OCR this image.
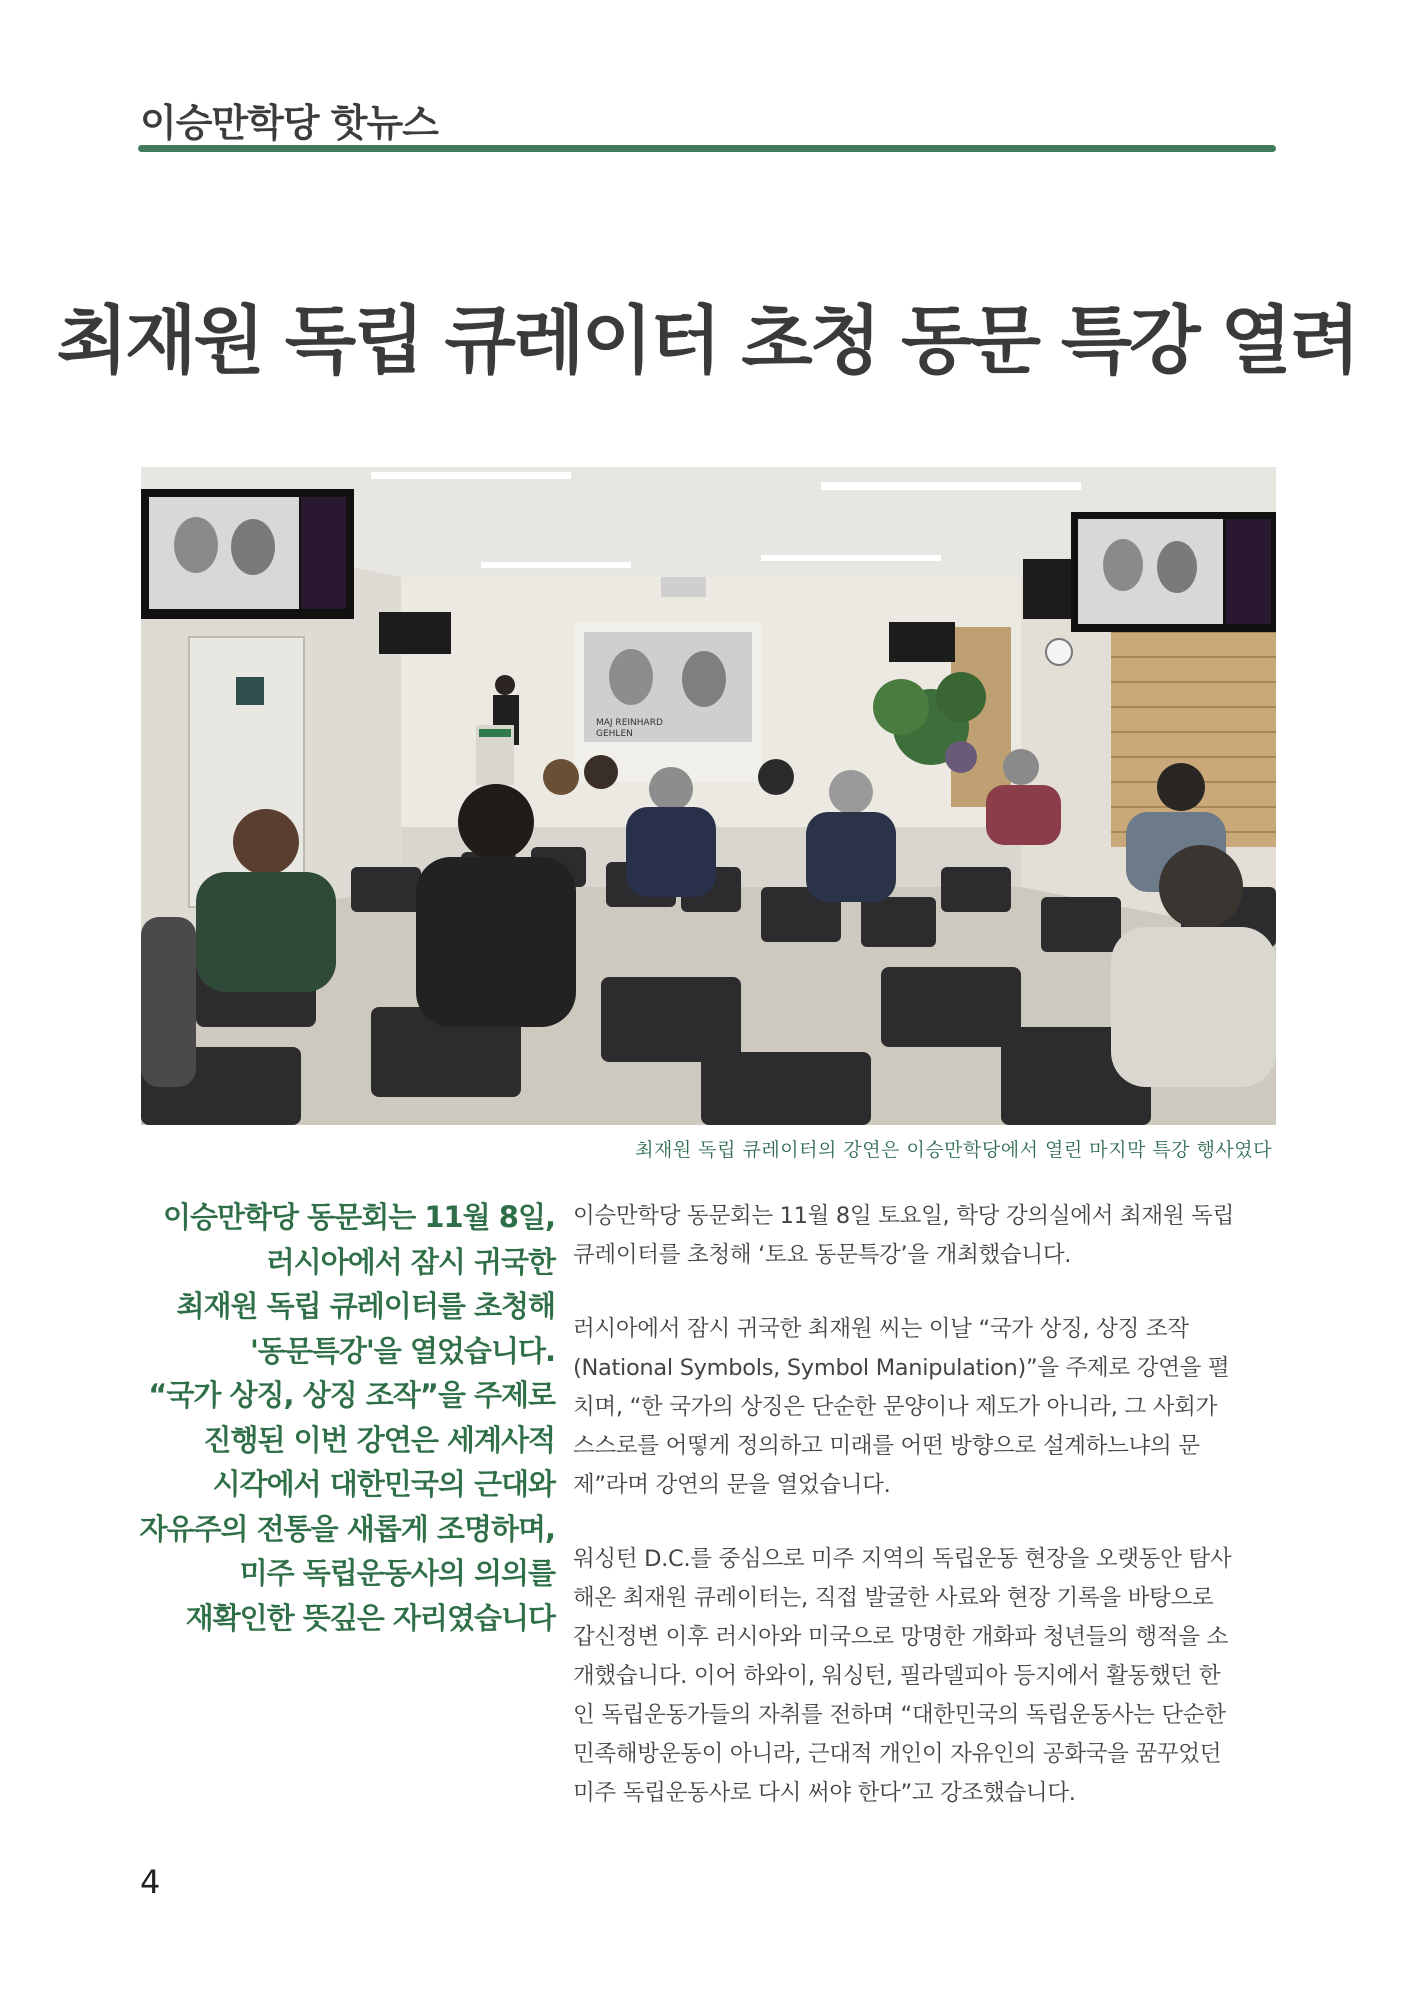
이승만학당 핫뉴스
최재원 독립 큐레이터 초청 동문 특강 열려
MAJ REINHARD
GEHLEN
최재원 독립 큐레이터의 강연은 이승만학당에서 열린 마지막 특강 행사였다
이승만학당 동문회는 11월 8일,
러시아에서 잠시 귀국한
최재원 독립 큐레이터를 초청해
'동문특강'을 열었습니다.
“국가 상징, 상징 조작”을 주제로
진행된 이번 강연은 세계사적
시각에서 대한민국의 근대와
자유주의 전통을 새롭게 조명하며,
미주 독립운동사의 의의를
재확인한 뜻깊은 자리였습니다
이승만학당 동문회는 11월 8일 토요일, 학당 강의실에서 최재원 독립
큐레이터를 초청해 ‘토요 동문특강’을 개최했습니다.
러시아에서 잠시 귀국한 최재원 씨는 이날 “국가 상징, 상징 조작
(National Symbols, Symbol Manipulation)”을 주제로 강연을 펼
치며, “한 국가의 상징은 단순한 문양이나 제도가 아니라, 그 사회가
스스로를 어떻게 정의하고 미래를 어떤 방향으로 설계하느냐의 문
제”라며 강연의 문을 열었습니다.
워싱턴 D.C.를 중심으로 미주 지역의 독립운동 현장을 오랫동안 탐사
해온 최재원 큐레이터는, 직접 발굴한 사료와 현장 기록을 바탕으로
갑신정변 이후 러시아와 미국으로 망명한 개화파 청년들의 행적을 소
개했습니다. 이어 하와이, 워싱턴, 필라델피아 등지에서 활동했던 한
인 독립운동가들의 자취를 전하며 “대한민국의 독립운동사는 단순한
민족해방운동이 아니라, 근대적 개인이 자유인의 공화국을 꿈꾸었던
미주 독립운동사로 다시 써야 한다”고 강조했습니다.
4
